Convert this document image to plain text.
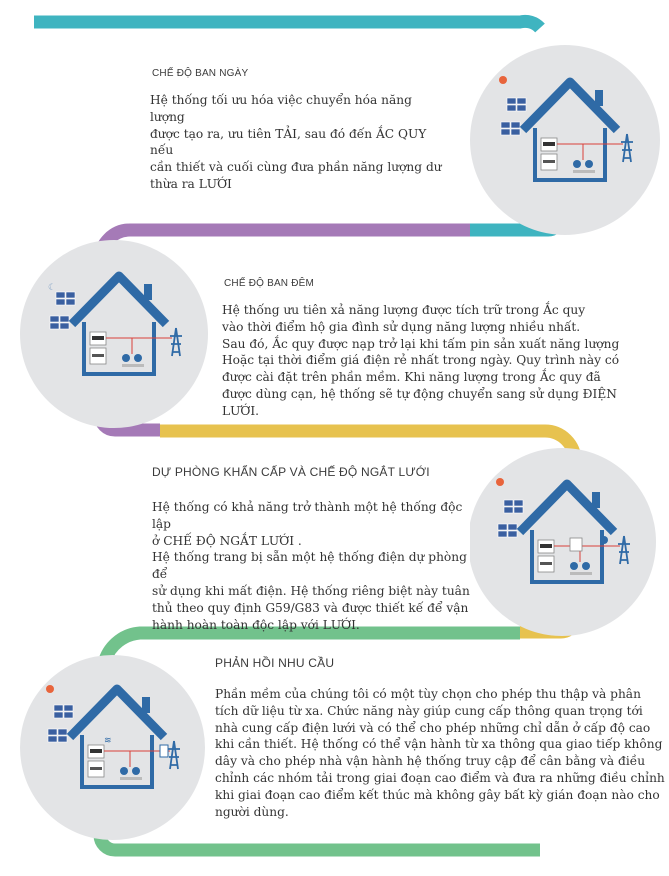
CHẾ ĐỘ BAN NGÀY
Hệ thống tối ưu hóa việc chuyển hóa năng lượng
được tạo ra, ưu tiên TẢI, sau đó đến ẮC QUY nếu
cần thiết và cuối cùng đưa phần năng lượng dư
thừa ra LƯỚI
☾	CHẾ ĐỘ BAN ĐÊM
Hệ thống ưu tiên xả năng lượng được tích trữ trong Ắc quy
vào thời điểm hộ gia đình sử dụng năng lượng nhiều nhất.
Sau đó, Ắc quy được nạp trở lại khi tấm pin sản xuất năng lượng
Hoặc tại thời điểm giá điện rẻ nhất trong ngày. Quy trình này có
được cài đặt trên phần mềm. Khi năng lượng trong Ắc quy đã
được dùng cạn, hệ thống sẽ tự động chuyển sang sử dụng ĐIỆN LƯỚI.
DỰ PHÒNG KHẨN CẤP VÀ CHẾ ĐỘ NGẮT LƯỚI
Hệ thống có khả năng trở thành một hệ thống độc lập
ở CHẾ ĐỘ NGẮT LƯỚI .
Hệ thống trang bị sẵn một hệ thống điện dự phòng để
sử dụng khi mất điện. Hệ thống riêng biệt này tuân
thủ theo quy định G59/G83 và được thiết kế để vận
hành hoàn toàn độc lập với LƯỚI.
≋
PHẢN HỒI NHU CẦU
Phần mềm của chúng tôi có một tùy chọn cho phép thu thập và phân
tích dữ liệu từ xa. Chức năng này giúp cung cấp thông quan trọng tới
nhà cung cấp điện lưới và có thể cho phép những chỉ dẫn ở cấp độ cao
khi cần thiết. Hệ thống có thể vận hành từ xa thông qua giao tiếp không
dây và cho phép nhà vận hành hệ thống truy cập để cân bằng và điều
chỉnh các nhóm tải trong giai đoạn cao điểm và đưa ra những điều chỉnh
khi giai đoạn cao điểm kết thúc mà không gây bất kỳ gián đoạn nào cho
người dùng.
